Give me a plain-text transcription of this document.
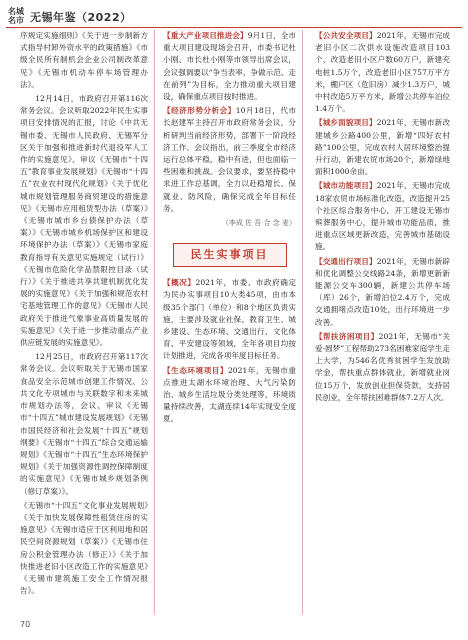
名城
名市 无锡年鉴（2022）

序规定实施细则》《关于进一步制新方式指导村卸外资水平的政策措施》《市级全民所有制机会企业公司制改革意见》《无锡市机动车停车场管理办法》。

12月14日，市政府召开第116次常务会议。会议听取2022年民生实事项目安排情况的汇报，讨论《中共无锡市委、无锡市人民政府、无锡军分区关于加强和推进新时代退役军人工作的实施意见》、审议《无锡市“十四五”教育事业发展规划》《无锡市“十四五”农业农村现代化规划》《关于优化城市规划管理服务商贸建设的措施意见》《无锡市应用租赁型办法（草案）》《无锡市城市乡台债保护办法（草案）》《无锡市城乡机场保护区和建设环境保护办法（草案）》《无锡市家庭教育指导有关意见实施规定（试行）》《无锡市危险化学品禁限控目录（试行）》《关于推进共享共建机制优化发展的实施意见》《关于加强和规范农村宅基地管理工作的意见》《无锡市人民政府关于推进气象事业高质量发展的实施意见》《关于进一步推动重点产业供应链发展的实施意见》。

12月25日，市政府召开第117次常务会议。会议听取关于无锡市国家食品安全示范城市创建工作情况、公共文化专项城市与关联数字和未来城市规划办法等，会议、审议《无锡市“十四五”城市建设发展规划》《无锡市国民经济和社会发展“十四五”规划纲要》《无锡市“十四五”综合交通运输规划》《无锡市“十四五”生态环境保护规划》《关于加强资源性调控保障制度的实施意见》《无锡市城乡规划条例（修订草案）》。

《无锡市“十四五”文化事业发展规划》《关于加快发展保障性租赁住房的实施意见》《无锡市适应于区利用地和居民空间资源规划（草案）》《无锡市住房公积金管理办法（修正）》《关于加快推进老旧小区改造工作的实施意见》《无锡市建筑施工安全工作情况报告》。

【重大产业项目推进会】9月1日，全市重大项目建设现场会召开，市委书记杜小刚、市长杜小刚等市领导出席会议，会议强调要以“争当表率、争做示范、走在前列”为目标，全力推动重大项目建设，确保重点项目按时推进。

【经济形势分析会】10月18日，代市长赵建军主持召开市政府常务会议，分析研判当前经济形势，部署下一阶段经济工作。会议指出，前三季度全市经济运行总体平稳，稳中有进，但也面临一些困难和挑战。会议要求，要坚持稳中求进工作总基调，全力以赴稳增长、保就业、防风险，确保完成全年目标任务。

（李成 佐 吾 合 念 麦）
民生实事项目

【概况】2021年，市委、市政府确定为民办实事项目10大类45项，由市本级35个部门（单位）和8个地区负责实施，主要涉及就业社保、教育卫生、城乡建设、生态环境、交通出行、文化体育、平安建设等领域，全年各项目均按计划推进，完成各项年度目标任务。

【生态环境项目】2021年，无锡市重点推进太湖水环境治理、大气污染防治、城乡生活垃圾分类处理等，环境质量持续改善，太湖连续14年实现安全度夏。

【公共安全项目】2021年，无锡市完成老旧小区二次供水设施改造项目103个，改造老旧小区户数60万户，新建充电桩1.5万个，改造老旧小区757万平方米，棚户区（危旧房）减少1.3万户，城中村改造5万平方米，新增公共停车泊位1.4万个。

【城乡面貌项目】2021年，无锡市新改建城乡公路400公里，新增“四好农村路”100公里，完成农村人居环境整治提升行动，新建农贸市场20个，新增绿地面积1000余亩。

【城市功能项目】2021年，无锡市完成18家农贸市场标准化改造，改造提升25个社区综合服务中心，开工建设无锡市殡葬服务中心，提升城市功能品质，推进重点区域更新改造，完善城市基础设施。

【交通出行项目】2021年，无锡市新辟和优化调整公交线路24条，新增更新新能源公交车300辆，新建公共停车场（库）26个，新增泊位2.4万个，完成交通拥堵点改造10处，出行环境进一步改善。

【帮扶济困项目】2021年，无锡市“关爱·圆梦”工程帮助273名困难家庭学生走上大学，为546名优秀贫困学生发放助学金，帮扶重点群体就业，新增就业岗位15万个，发放创业担保贷款，支持居民创业，全年帮扶困难群体7.2万人次。

70
